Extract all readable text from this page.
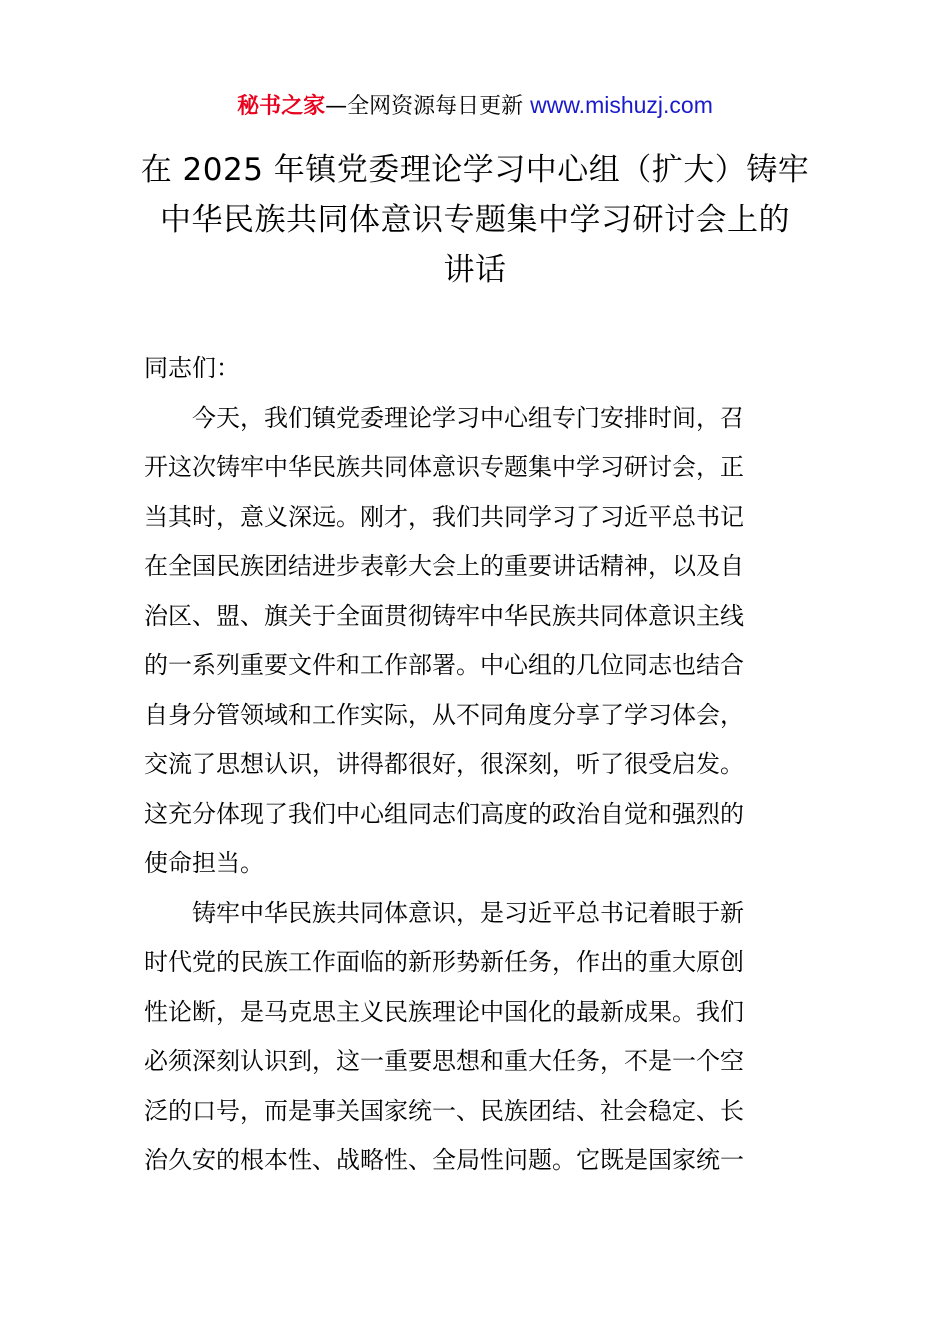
秘书之家—全网资源每日更新 www.mishuzj.com
在 2025 年镇党委理论学习中心组（扩大）铸牢
中华民族共同体意识专题集中学习研讨会上的
讲话
同志们：
今天，我们镇党委理论学习中心组专门安排时间，召
开这次铸牢中华民族共同体意识专题集中学习研讨会，正
当其时，意义深远。刚才，我们共同学习了习近平总书记
在全国民族团结进步表彰大会上的重要讲话精神，以及自
治区、盟、旗关于全面贯彻铸牢中华民族共同体意识主线
的一系列重要文件和工作部署。中心组的几位同志也结合
自身分管领域和工作实际，从不同角度分享了学习体会，
交流了思想认识，讲得都很好，很深刻，听了很受启发。
这充分体现了我们中心组同志们高度的政治自觉和强烈的
使命担当。
铸牢中华民族共同体意识，是习近平总书记着眼于新
时代党的民族工作面临的新形势新任务，作出的重大原创
性论断，是马克思主义民族理论中国化的最新成果。我们
必须深刻认识到，这一重要思想和重大任务，不是一个空
泛的口号，而是事关国家统一、民族团结、社会稳定、长
治久安的根本性、战略性、全局性问题。它既是国家统一
